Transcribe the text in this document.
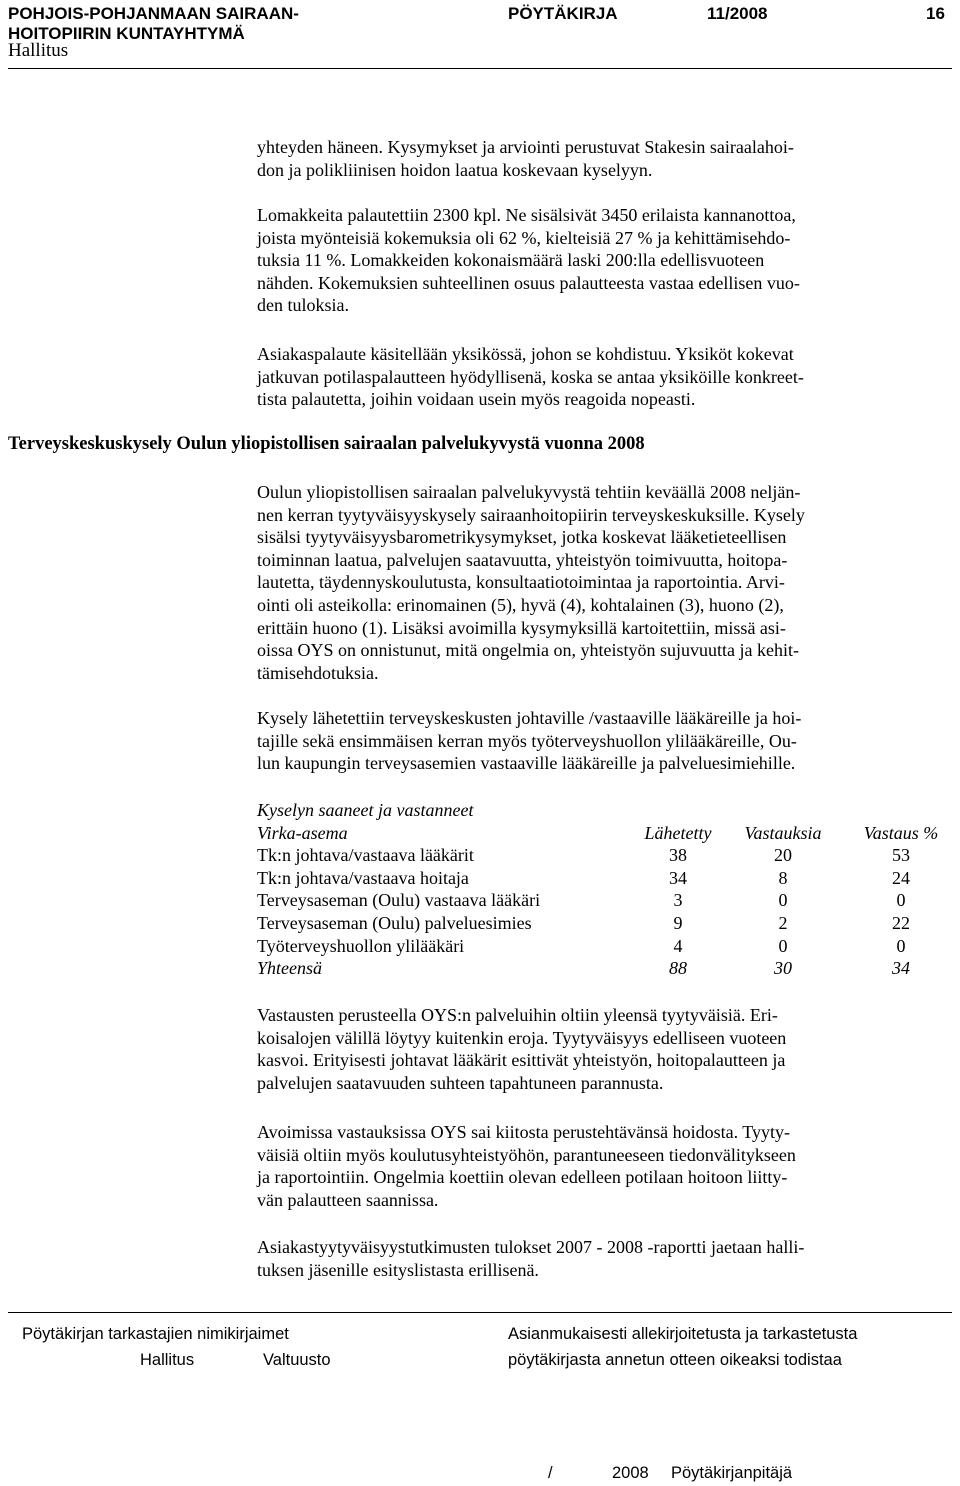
POHJOIS-POHJANMAAN SAIRAAN-
HOITOPIIRIN KUNTAYHTYMÄ
PÖYTÄKIRJA	11/2008	16
Hallitus
yhteyden häneen. Kysymykset ja arviointi perustuvat Stakesin sairaalahoi-
don ja polikliinisen hoidon laatua koskevaan kyselyyn.
Lomakkeita palautettiin 2300 kpl. Ne sisälsivät 3450 erilaista kannanottoa,
joista myönteisiä kokemuksia oli 62 %, kielteisiä 27 % ja kehittämisehdo-
tuksia 11 %. Lomakkeiden kokonaismäärä laski 200:lla edellisvuoteen
nähden. Kokemuksien suhteellinen osuus palautteesta vastaa edellisen vuo-
den tuloksia.
Asiakaspalaute käsitellään yksikössä, johon se kohdistuu. Yksiköt kokevat
jatkuvan potilaspalautteen hyödyllisenä, koska se antaa yksiköille konkreet-
tista palautetta, joihin voidaan usein myös reagoida nopeasti.
Terveyskeskuskysely Oulun yliopistollisen sairaalan palvelukyvystä vuonna 2008
Oulun yliopistollisen sairaalan palvelukyvystä tehtiin keväällä 2008 neljän-
nen kerran tyytyväisyyskysely sairaanhoitopiirin terveyskeskuksille. Kysely
sisälsi tyytyväisyysbarometrikysymykset, jotka koskevat lääketieteellisen
toiminnan laatua, palvelujen saatavuutta, yhteistyön toimivuutta, hoitopa-
lautetta, täydennyskoulutusta, konsultaatiotoimintaa ja raportointia. Arvi-
ointi oli asteikolla: erinomainen (5), hyvä (4), kohtalainen (3), huono (2),
erittäin huono (1). Lisäksi avoimilla kysymyksillä kartoitettiin, missä asi-
oissa OYS on onnistunut, mitä ongelmia on, yhteistyön sujuvuutta ja kehit-
tämisehdotuksia.
Kysely lähetettiin terveyskeskusten johtaville /vastaaville lääkäreille ja hoi-
tajille sekä ensimmäisen kerran myös työterveyshuollon ylilääkäreille, Ou-
lun kaupungin terveysasemien vastaaville lääkäreille ja palveluesimiehille.
Kyselyn saaneet ja vastanneet
Virka-asema	Lähetetty	Vastauksia	Vastaus %
Tk:n johtava/vastaava lääkärit	38	20	53
Tk:n johtava/vastaava hoitaja	34	8	24
Terveysaseman (Oulu) vastaava lääkäri	3	0	0
Terveysaseman (Oulu) palveluesimies	9	2	22
Työterveyshuollon ylilääkäri	4	0	0
Yhteensä	88	30	34
Vastausten perusteella OYS:n palveluihin oltiin yleensä tyytyväisiä. Eri-
koisalojen välillä löytyy kuitenkin eroja. Tyytyväisyys edelliseen vuoteen
kasvoi. Erityisesti johtavat lääkärit esittivät yhteistyön, hoitopalautteen ja
palvelujen saatavuuden suhteen tapahtuneen parannusta.
Avoimissa vastauksissa OYS sai kiitosta perustehtävänsä hoidosta. Tyyty-
väisiä oltiin myös koulutusyhteistyöhön, parantuneeseen tiedonvälitykseen
ja raportointiin. Ongelmia koettiin olevan edelleen potilaan hoitoon liitty-
vän palautteen saannissa.
Asiakastyytyväisyystutkimusten tulokset 2007 - 2008 -raportti jaetaan halli-
tuksen jäsenille esityslistasta erillisenä.
Pöytäkirjan tarkastajien nimikirjaimet
Hallitus	Valtuusto
Asianmukaisesti allekirjoitetusta ja tarkastetusta
pöytäkirjasta annetun otteen oikeaksi todistaa
/	2008 Pöytäkirjanpitäjä
